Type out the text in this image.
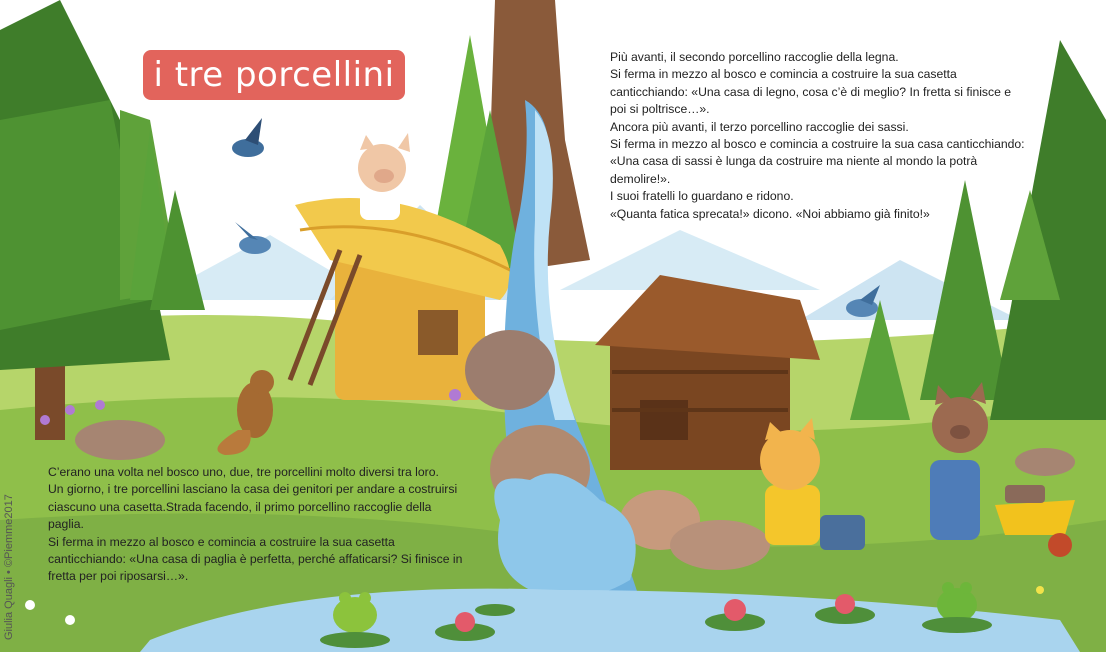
i tre porcellini	Più avanti, il secondo porcellino raccoglie della legna.

Si ferma in mezzo al bosco e comincia a costruire la sua casetta

canticchiando: «Una casa di legno, cosa c’è di meglio? In fretta si finisce e

poi si poltrisce…».

Ancora più avanti, il terzo porcellino raccoglie dei sassi.

Si ferma in mezzo al bosco e comincia a costruire la sua casa canticchiando:

«Una casa di sassi è lunga da costruire ma niente al mondo la potrà

demolire!».

I suoi fratelli lo guardano e ridono.

«Quanta fatica sprecata!» dicono. «Noi abbiamo già finito!»

C’erano una volta nel bosco uno, due, tre porcellini molto diversi tra loro.

Un giorno, i tre porcellini lasciano la casa dei genitori per andare a costruirsi

ciascuno una casetta.Strada facendo, il primo porcellino raccoglie della

paglia.

Si ferma in mezzo al bosco e comincia a costruire la sua casetta

canticchiando: «Una casa di paglia è perfetta, perché affaticarsi? Si finisce in

fretta per poi riposarsi…».

Giulia Quagli • ©Piemme2017
